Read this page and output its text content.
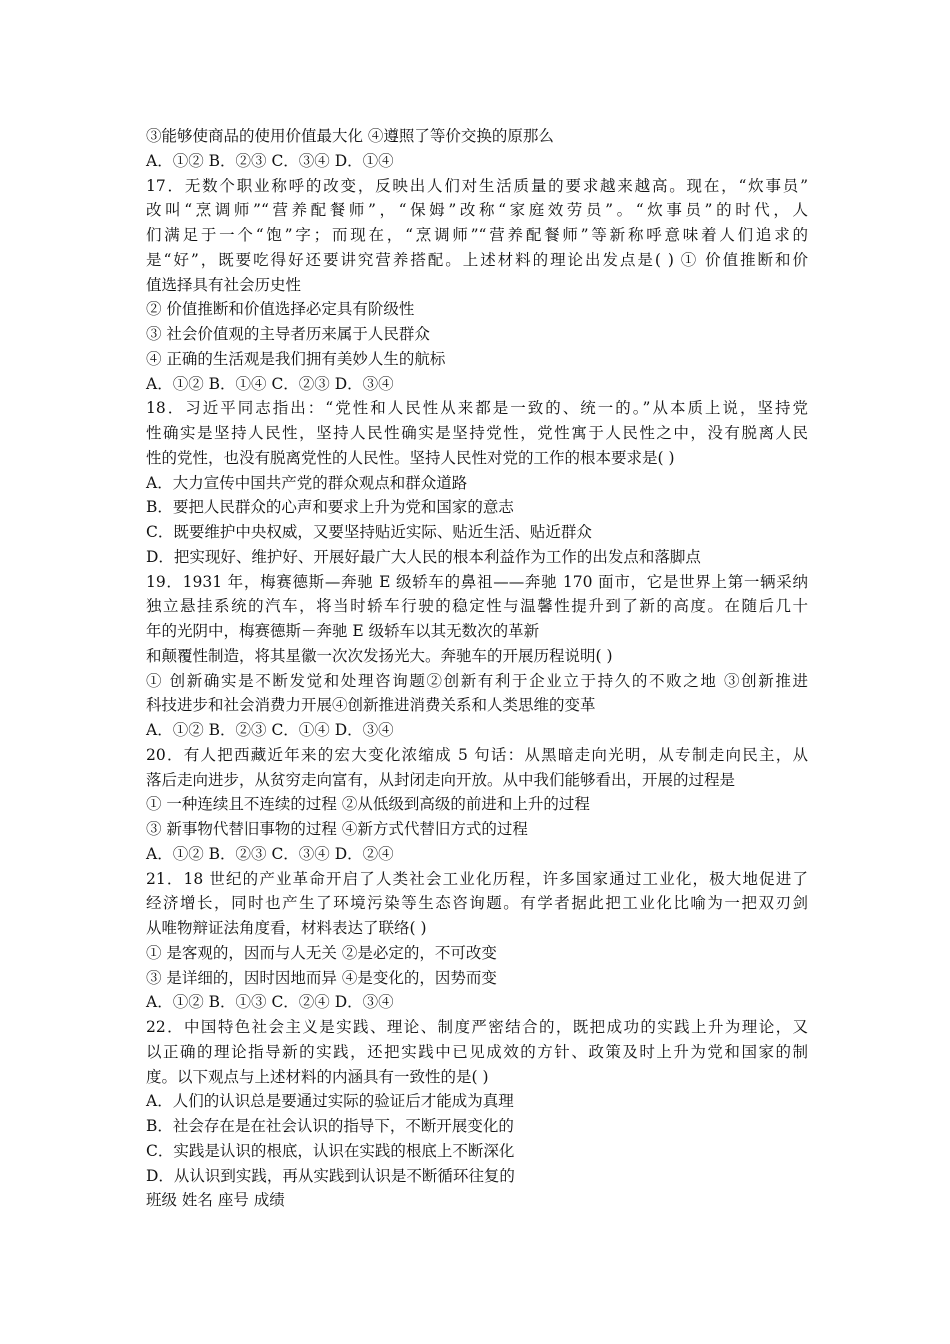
③能够使商品的使用价值最大化 ④遵照了等价交换的原那么
A．①② B．②③ C．③④ D．①④
17．无数个职业称呼的改变，反映出人们对生活质量的要求越来越高。现在，“炊事员”
改叫“烹调师”“营养配餐师”，“保姆”改称“家庭效劳员”。“炊事员”的时代，人
们满足于一个“饱”字；而现在，“烹调师”“营养配餐师”等新称呼意味着人们追求的
是“好”，既要吃得好还要讲究营养搭配。上述材料的理论出发点是( ) ① 价值推断和价
值选择具有社会历史性
② 价值推断和价值选择必定具有阶级性
③ 社会价值观的主导者历来属于人民群众
④ 正确的生活观是我们拥有美妙人生的航标
A．①② B．①④ C．②③ D．③④
18．习近平同志指出：“党性和人民性从来都是一致的、统一的。”从本质上说，坚持党
性确实是坚持人民性，坚持人民性确实是坚持党性，党性寓于人民性之中，没有脱离人民
性的党性，也没有脱离党性的人民性。坚持人民性对党的工作的根本要求是( )
A．大力宣传中国共产党的群众观点和群众道路
B．要把人民群众的心声和要求上升为党和国家的意志
C．既要维护中央权威，又要坚持贴近实际、贴近生活、贴近群众
D．把实现好、维护好、开展好最广大人民的根本利益作为工作的出发点和落脚点
19．1931 年，梅赛德斯—奔驰 E 级轿车的鼻祖——奔驰 170 面市，它是世界上第一辆采纳
独立悬挂系统的汽车，将当时轿车行驶的稳定性与温馨性提升到了新的高度。在随后几十
年的光阴中，梅赛德斯－奔驰 E 级轿车以其无数次的革新
和颠覆性制造，将其星徽一次次发扬光大。奔驰车的开展历程说明( )
① 创新确实是不断发觉和处理咨询题②创新有利于企业立于持久的不败之地 ③创新推进
科技进步和社会消费力开展④创新推进消费关系和人类思维的变革
A．①② B．②③ C．①④ D．③④
20．有人把西藏近年来的宏大变化浓缩成 5 句话：从黑暗走向光明，从专制走向民主，从
落后走向进步，从贫穷走向富有，从封闭走向开放。从中我们能够看出，开展的过程是
① 一种连续且不连续的过程 ②从低级到高级的前进和上升的过程
③ 新事物代替旧事物的过程 ④新方式代替旧方式的过程
A．①② B．②③ C．③④ D．②④
21．18 世纪的产业革命开启了人类社会工业化历程，许多国家通过工业化，极大地促进了
经济增长，同时也产生了环境污染等生态咨询题。有学者据此把工业化比喻为一把双刃剑
从唯物辩证法角度看，材料表达了联络( )
① 是客观的，因而与人无关 ②是必定的，不可改变
③ 是详细的，因时因地而异 ④是变化的，因势而变
A．①② B．①③ C．②④ D．③④
22．中国特色社会主义是实践、理论、制度严密结合的，既把成功的实践上升为理论，又
以正确的理论指导新的实践，还把实践中已见成效的方针、政策及时上升为党和国家的制
度。以下观点与上述材料的内涵具有一致性的是( )
A．人们的认识总是要通过实际的验证后才能成为真理
B．社会存在是在社会认识的指导下，不断开展变化的
C．实践是认识的根底，认识在实践的根底上不断深化
D．从认识到实践，再从实践到认识是不断循环往复的
班级 姓名 座号 成绩
